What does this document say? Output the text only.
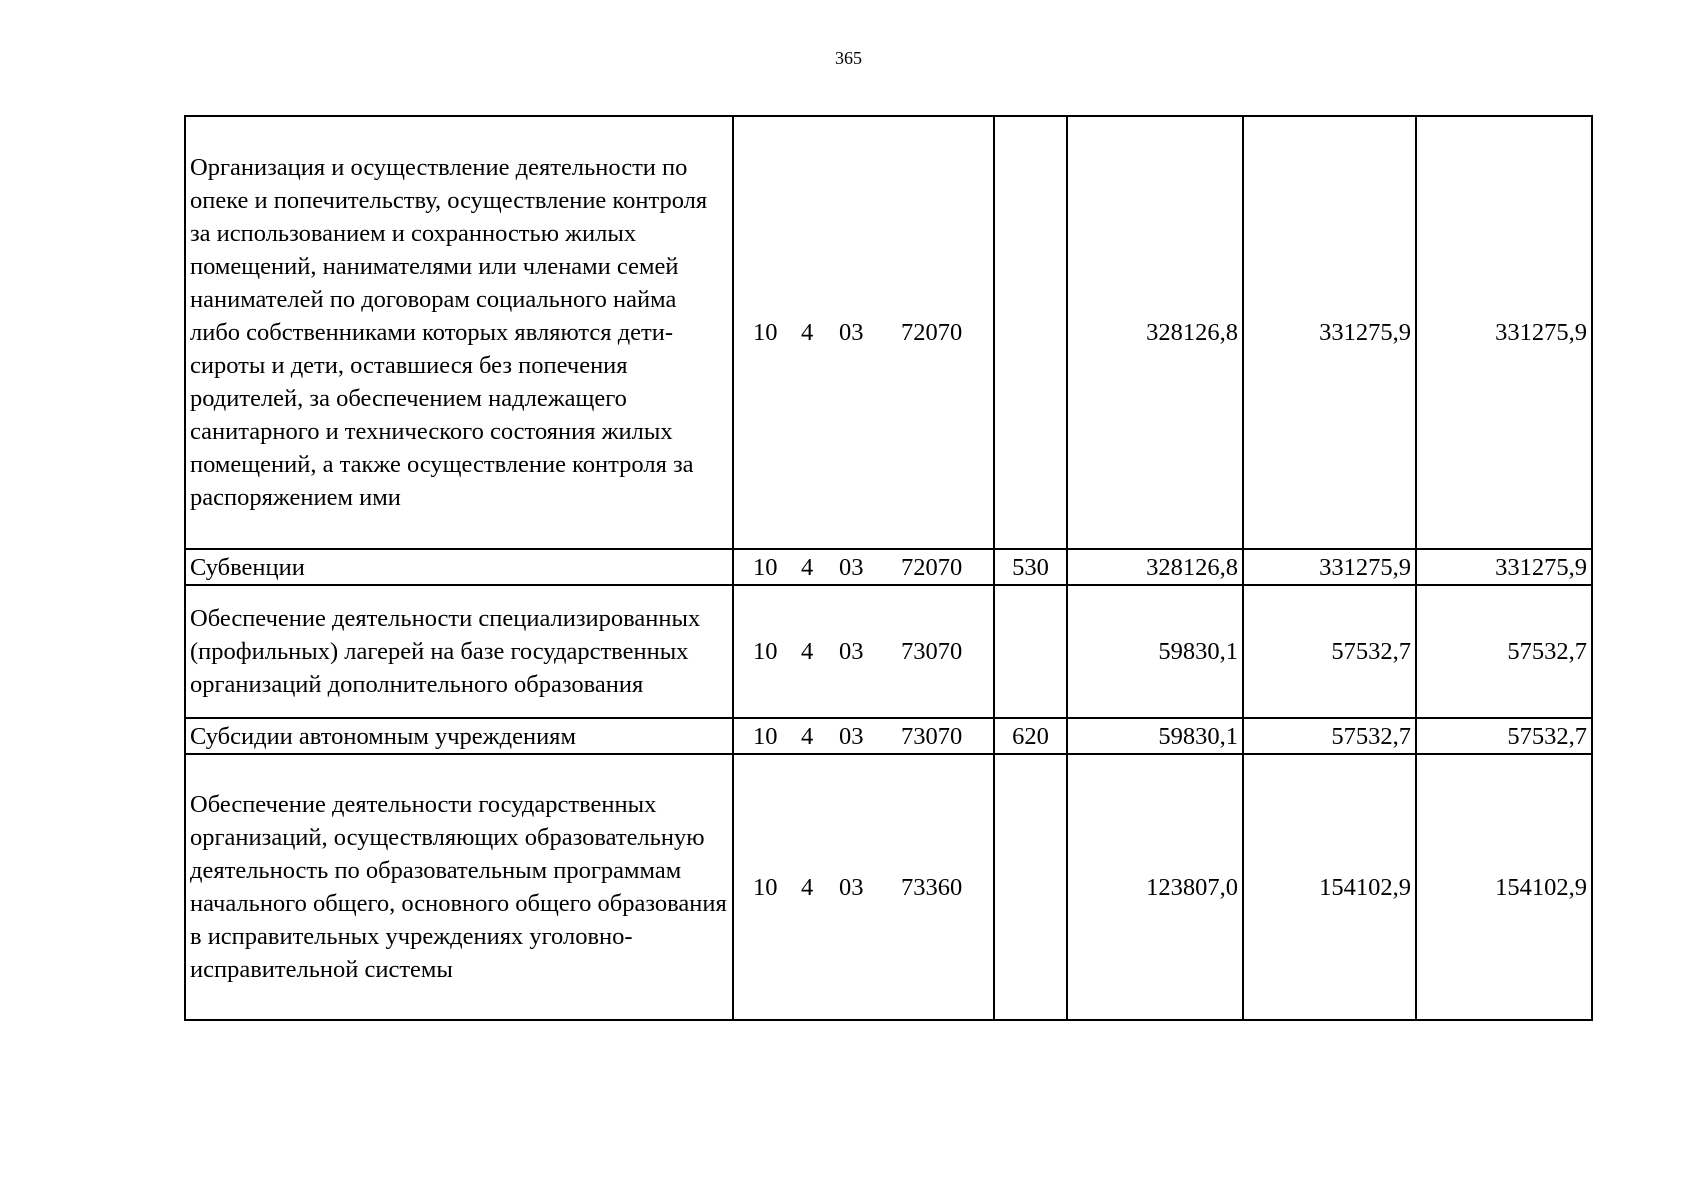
365
Организация и осуществление деятельности по опеке и попечительству, осуществление контроля за использованием и сохранностью жилых помещений, нанимателями или членами семей нанимателей по договорам социального найма либо собственниками которых являются дети-сироты и дети, оставшиеся без попечения родителей, за обеспечением надлежащего санитарного и технического состояния жилых помещений, а также осуществление контроля за распоряжением ими	10 4 03 72070		328126,8	331275,9	331275,9
Субвенции	10 4 03 72070	530	328126,8	331275,9	331275,9
Обеспечение деятельности специализированных (профильных) лагерей на базе государственных организаций дополнительного образования	10 4 03 73070		59830,1	57532,7	57532,7
Субсидии автономным учреждениям	10 4 03 73070	620	59830,1	57532,7	57532,7
Обеспечение деятельности государственных организаций, осуществляющих образовательную деятельность по образовательным программам начального общего, основного общего образования в исправительных учреждениях уголовно-исправительной системы	10 4 03 73360		123807,0	154102,9	154102,9
